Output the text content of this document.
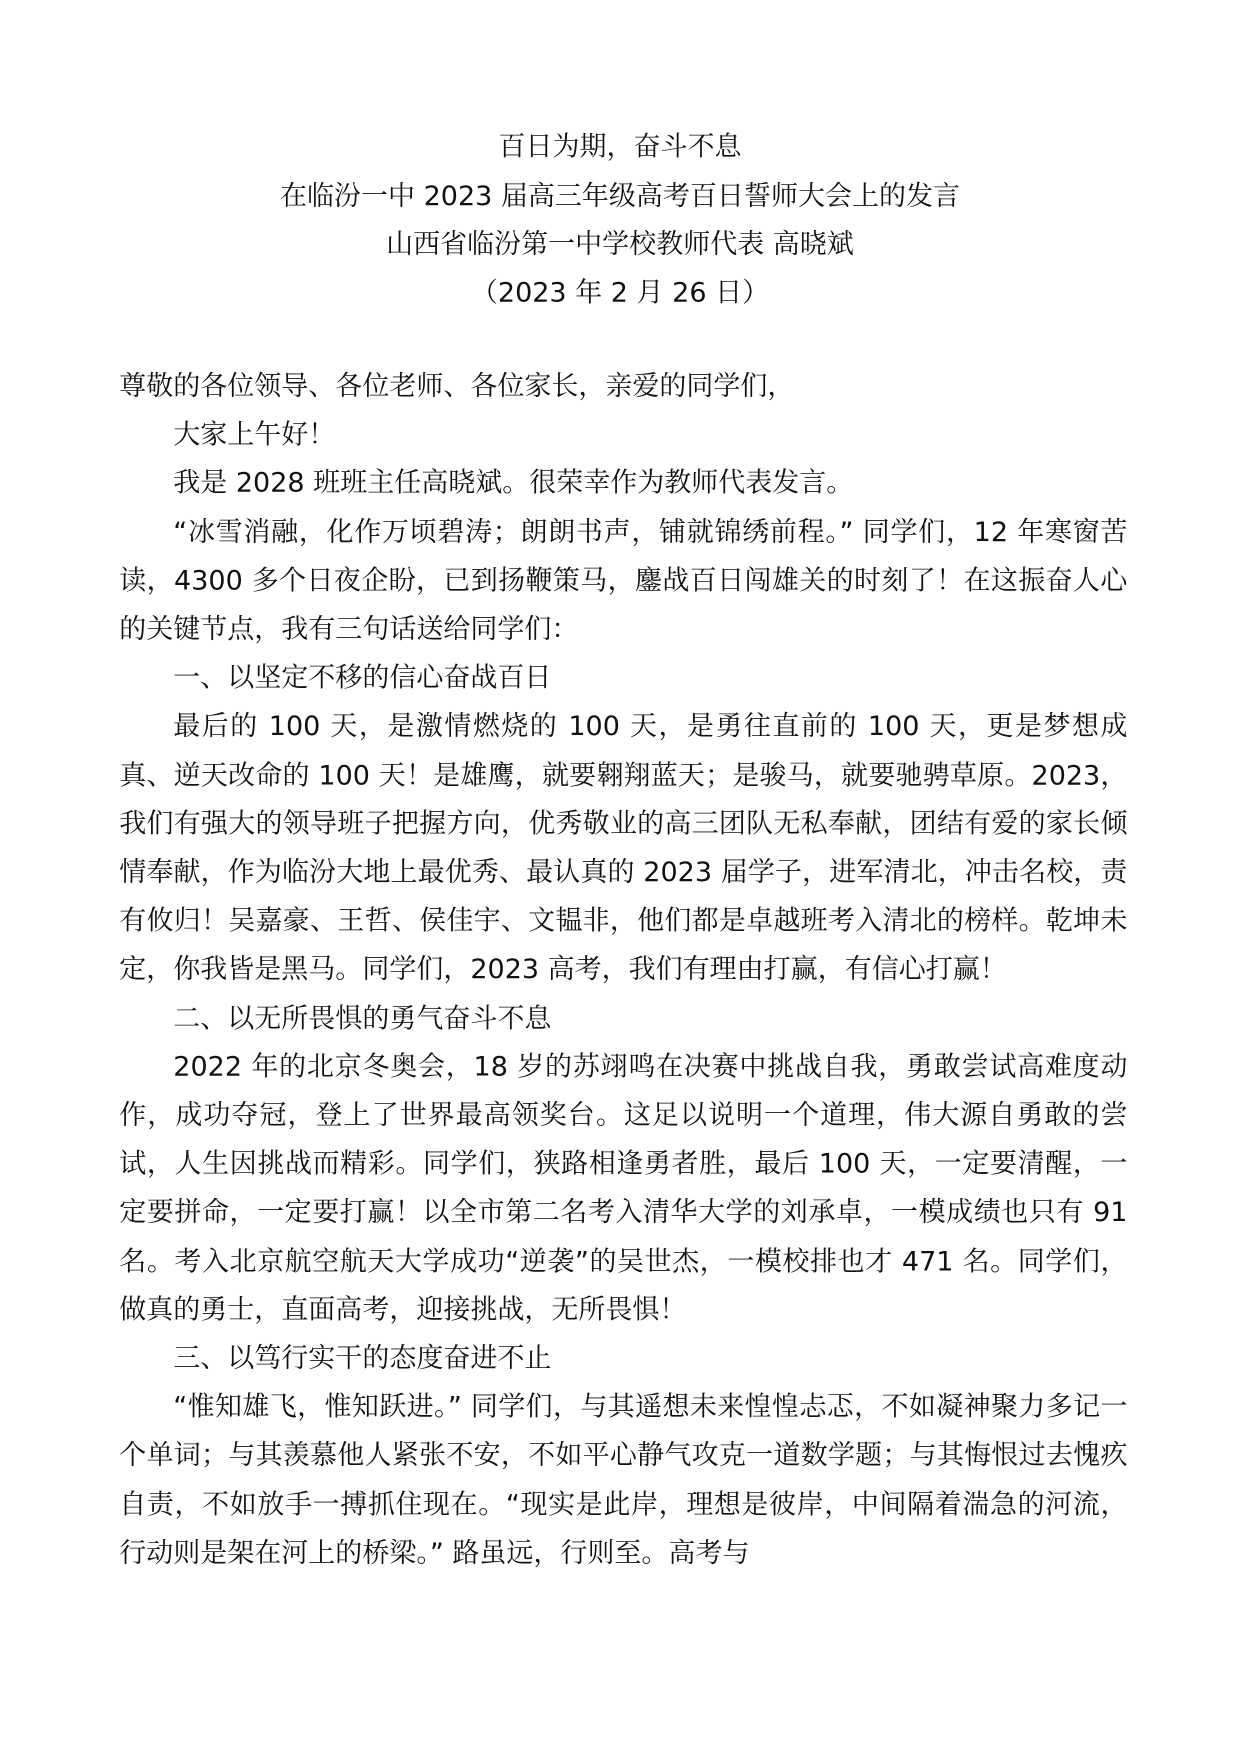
百日为期，奋斗不息
在临汾一中 2023 届高三年级高考百日誓师大会上的发言
山西省临汾第一中学校教师代表 高晓斌
（2023 年 2 月 26 日）

尊敬的各位领导、各位老师、各位家长，亲爱的同学们，

大家上午好！

我是 2028 班班主任高晓斌。很荣幸作为教师代表发言。

“冰雪消融，化作万顷碧涛；朗朗书声，铺就锦绣前程。” 同学们，12 年寒窗苦读，4300 多个日夜企盼，已到扬鞭策马，鏖战百日闯雄关的时刻了！在这振奋人心的关键节点，我有三句话送给同学们：

一、以坚定不移的信心奋战百日

最后的 100 天，是激情燃烧的 100 天，是勇往直前的 100 天，更是梦想成真、逆天改命的 100 天！是雄鹰，就要翱翔蓝天；是骏马，就要驰骋草原。2023，我们有强大的领导班子把握方向，优秀敬业的高三团队无私奉献，团结有爱的家长倾情奉献，作为临汾大地上最优秀、最认真的 2023 届学子，进军清北，冲击名校，责有攸归！吴嘉豪、王哲、侯佳宇、文韫非，他们都是卓越班考入清北的榜样。乾坤未定，你我皆是黑马。同学们，2023 高考，我们有理由打赢，有信心打赢！

二、以无所畏惧的勇气奋斗不息

2022 年的北京冬奥会，18 岁的苏翊鸣在决赛中挑战自我，勇敢尝试高难度动作，成功夺冠，登上了世界最高领奖台。这足以说明一个道理，伟大源自勇敢的尝试，人生因挑战而精彩。同学们，狭路相逢勇者胜，最后 100 天，一定要清醒，一定要拼命，一定要打赢！以全市第二名考入清华大学的刘承卓，一模成绩也只有 91 名。考入北京航空航天大学成功“逆袭”的吴世杰，一模校排也才 471 名。同学们，做真的勇士，直面高考，迎接挑战，无所畏惧！

三、以笃行实干的态度奋进不止

“惟知雄飞，惟知跃进。” 同学们，与其遥想未来惶惶忐忑，不如凝神聚力多记一个单词；与其羡慕他人紧张不安，不如平心静气攻克一道数学题；与其悔恨过去愧疚自责，不如放手一搏抓住现在。“现实是此岸，理想是彼岸，中间隔着湍急的河流，行动则是架在河上的桥梁。” 路虽远，行则至。高考与
